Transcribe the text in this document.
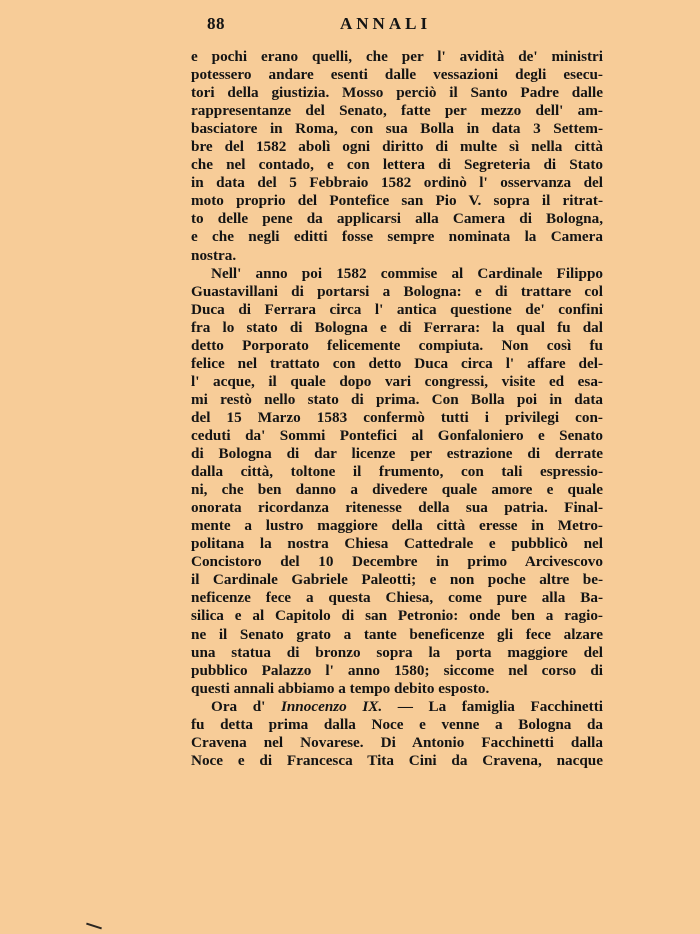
88	ANNALI
e pochi erano quelli, che per l' avidità de' ministri
potessero andare esenti dalle vessazioni degli esecu-
tori della giustizia. Mosso perciò il Santo Padre dalle
rappresentanze del Senato, fatte per mezzo dell' am-
basciatore in Roma, con sua Bolla in data 3 Settem-
bre del 1582 abolì ogni diritto di multe sì nella città
che nel contado, e con lettera di Segreteria di Stato
in data del 5 Febbraio 1582 ordinò l' osservanza del
moto proprio del Pontefice san Pio V. sopra il ritrat-
to delle pene da applicarsi alla Camera di Bologna,
e che negli editti fosse sempre nominata la Camera
nostra.
Nell' anno poi 1582 commise al Cardinale Filippo
Guastavillani di portarsi a Bologna: e di trattare col
Duca di Ferrara circa l' antica questione de' confini
fra lo stato di Bologna e di Ferrara: la qual fu dal
detto Porporato felicemente compiuta. Non così fu
felice nel trattato con detto Duca circa l' affare del-
l' acque, il quale dopo vari congressi, visite ed esa-
mi restò nello stato di prima. Con Bolla poi in data
del 15 Marzo 1583 confermò tutti i privilegi con-
ceduti da' Sommi Pontefici al Gonfaloniero e Senato
di Bologna di dar licenze per estrazione di derrate
dalla città, toltone il frumento, con tali espressio-
ni, che ben danno a divedere quale amore e quale
onorata ricordanza ritenesse della sua patria. Final-
mente a lustro maggiore della città eresse in Metro-
politana la nostra Chiesa Cattedrale e pubblicò nel
Concistoro del 10 Decembre in primo Arcivescovo
il Cardinale Gabriele Paleotti; e non poche altre be-
neficenze fece a questa Chiesa, come pure alla Ba-
silica e al Capitolo di san Petronio: onde ben a ragio-
ne il Senato grato a tante beneficenze gli fece alzare
una statua di bronzo sopra la porta maggiore del
pubblico Palazzo l' anno 1580; siccome nel corso di
questi annali abbiamo a tempo debito esposto.
Ora d' Innocenzo IX. — La famiglia Facchinetti
fu detta prima dalla Noce e venne a Bologna da
Cravena nel Novarese. Di Antonio Facchinetti dalla
Noce e di Francesca Tita Cini da Cravena, nacque
